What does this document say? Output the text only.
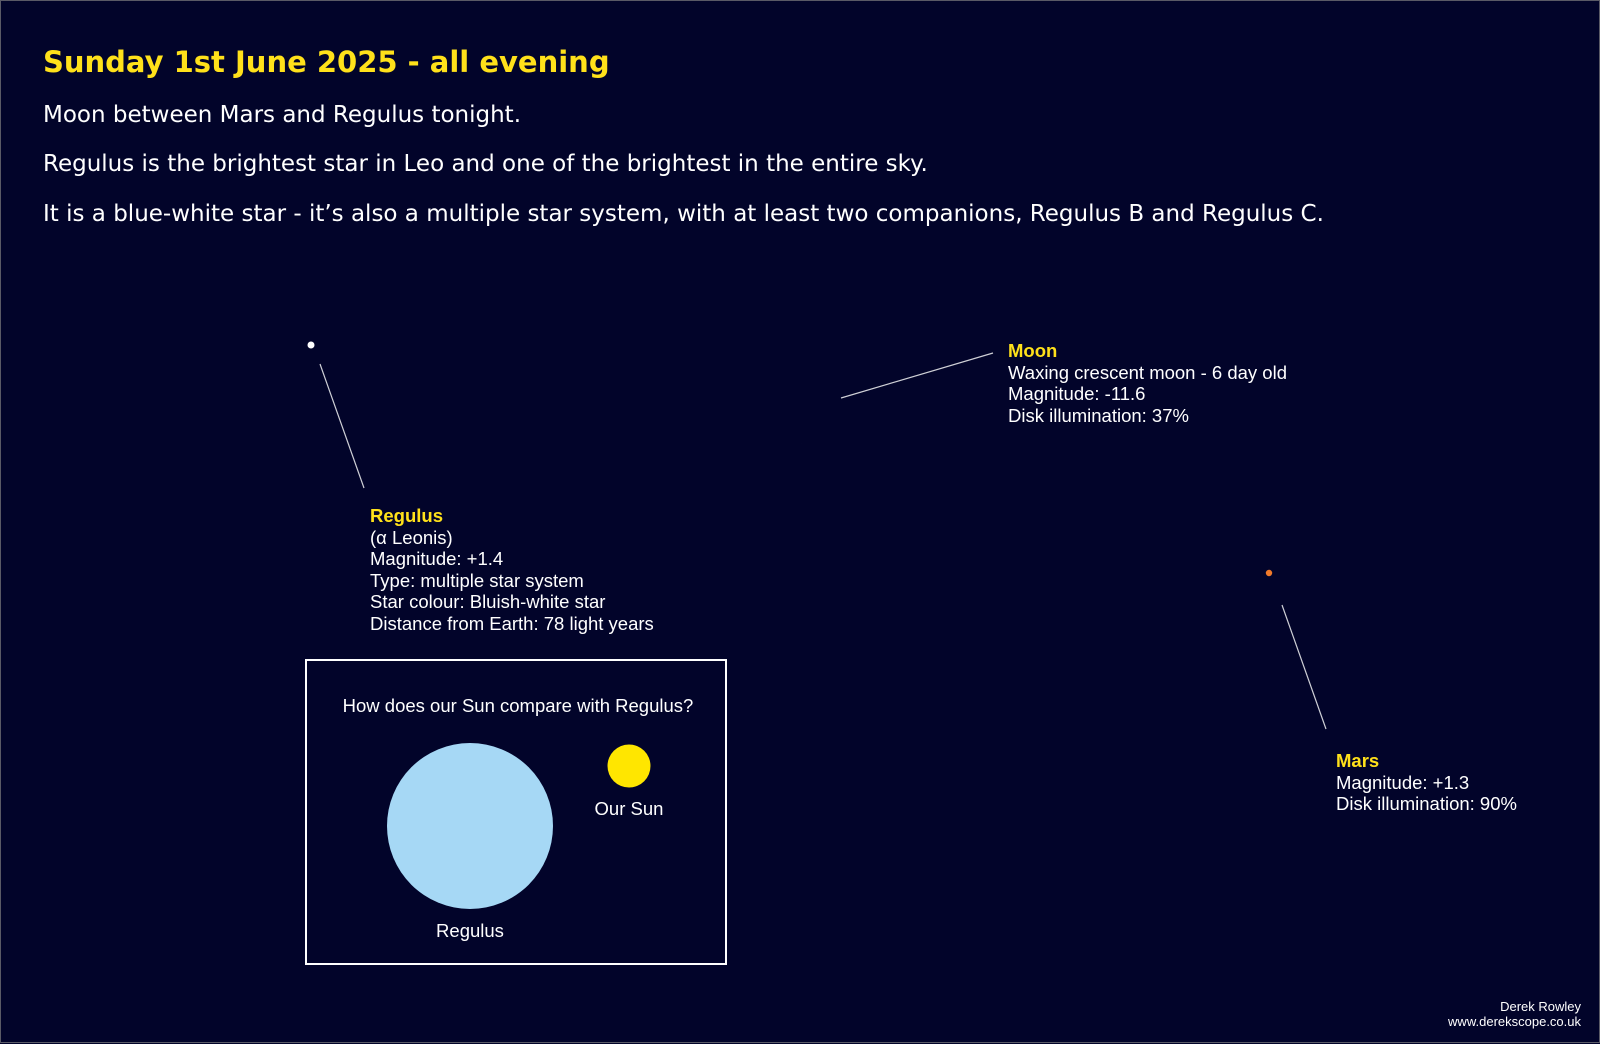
Sunday 1st June 2025 - all evening
Moon between Mars and Regulus tonight.
Regulus is the brightest star in Leo and one of the brightest in the entire sky.
It is a blue-white star - it’s also a multiple star system, with at least two companions, Regulus B and Regulus C.
Regulus
(α Leonis)
Magnitude: +1.4
Type: multiple star system
Star colour: Bluish-white star
Distance from Earth: 78 light years
Moon
Waxing crescent moon - 6 day old
Magnitude: -11.6
Disk illumination: 37%
Mars
Magnitude: +1.3
Disk illumination: 90%
How does our Sun compare with Regulus?
Regulus
Our Sun
Derek Rowley
www.derekscope.co.uk
